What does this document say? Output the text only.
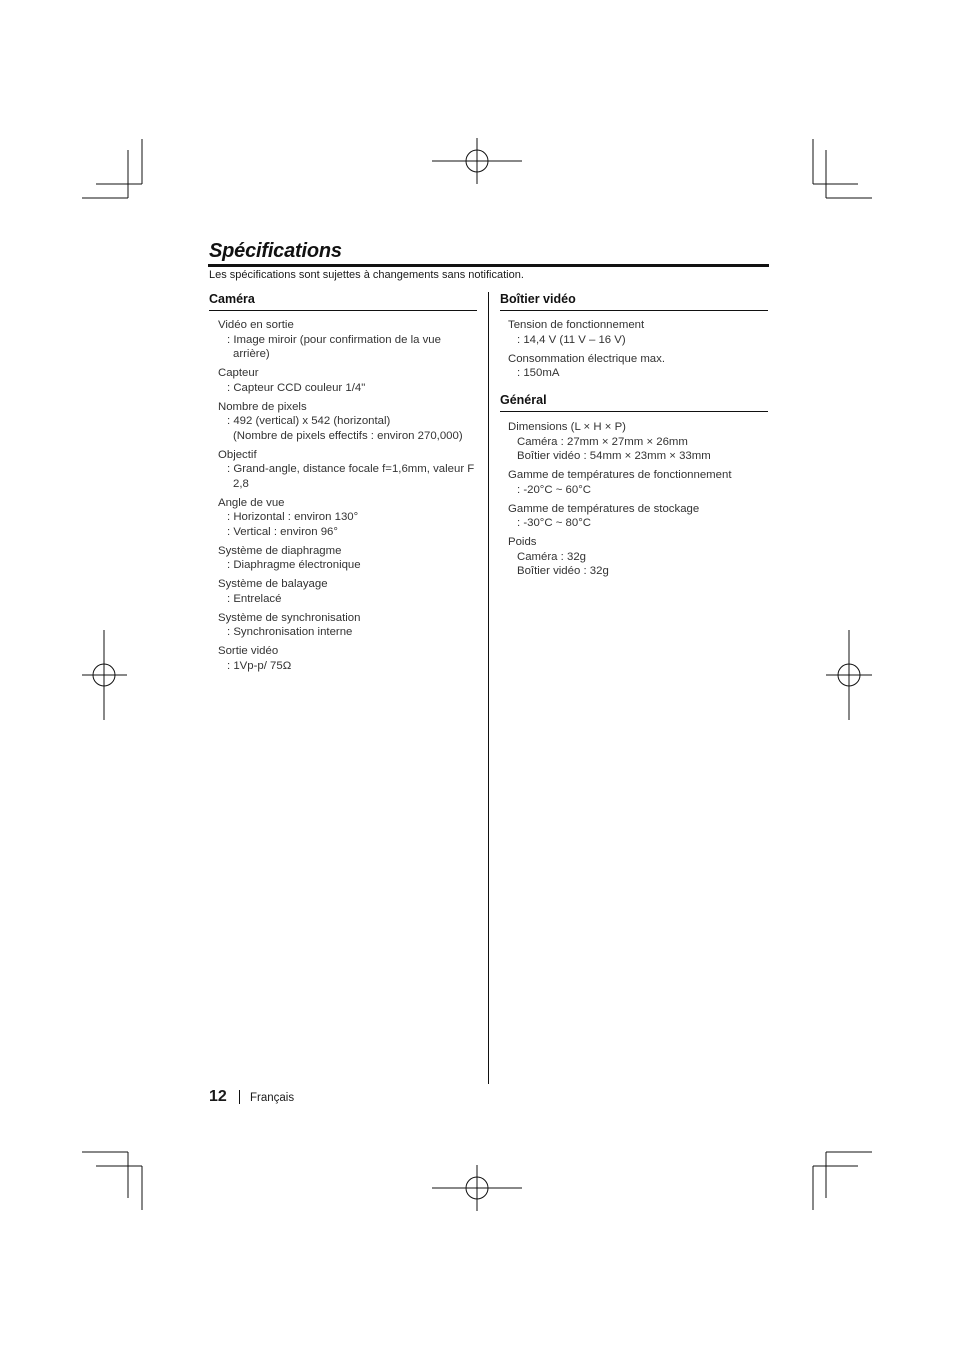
Spécifications

Les spécifications sont sujettes à changements sans notification.

Caméra
Vidéo en sortie
: Image miroir (pour confirmation de la vue arrière)
Capteur
: Capteur CCD couleur 1/4"
Nombre de pixels
: 492 (vertical) x 542 (horizontal)
(Nombre de pixels effectifs : environ 270,000)
Objectif
: Grand-angle, distance focale f=1,6mm, valeur F 2,8
Angle de vue
: Horizontal : environ 130°
: Vertical : environ 96°
Système de diaphragme
: Diaphragme électronique
Système de balayage
: Entrelacé
Système de synchronisation
: Synchronisation interne
Sortie vidéo
: 1Vp-p/ 75Ω
Boîtier vidéo
Tension de fonctionnement
: 14,4 V (11 V – 16 V)
Consommation électrique max.
: 150mA
Général
Dimensions (L × H × P)
Caméra : 27mm × 27mm × 26mm
Boîtier vidéo : 54mm × 23mm × 33mm
Gamme de températures de fonctionnement
: -20°C ~ 60°C
Gamme de températures de stockage
: -30°C ~ 80°C
Poids
Caméra : 32g
Boîtier vidéo : 32g
12 Français
